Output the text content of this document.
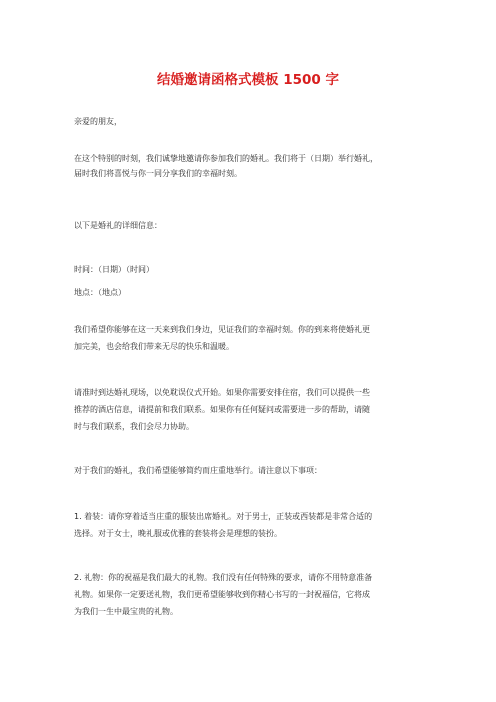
结婚邀请函格式模板 1500 字

亲爱的朋友，

在这个特别的时刻，我们诚挚地邀请你参加我们的婚礼。我们将于（日期）举行婚礼，

届时我们将喜悦与你一同分享我们的幸福时刻。

以下是婚礼的详细信息：

时间：（日期）（时间）

地点：（地点）

我们希望你能够在这一天来到我们身边，见证我们的幸福时刻。你的到来将使婚礼更

加完美，也会给我们带来无尽的快乐和温暖。

请准时到达婚礼现场，以免耽误仪式开始。如果你需要安排住宿，我们可以提供一些

推荐的酒店信息，请提前和我们联系。如果你有任何疑问或需要进一步的帮助，请随

时与我们联系，我们会尽力协助。

对于我们的婚礼，我们希望能够简约而庄重地举行。请注意以下事项：

1. 着装：请你穿着适当庄重的服装出席婚礼。对于男士，正装或西装都是非常合适的

选择。对于女士，晚礼服或优雅的套装将会是理想的装扮。

2. 礼物：你的祝福是我们最大的礼物。我们没有任何特殊的要求，请你不用特意准备

礼物。如果你一定要送礼物，我们更希望能够收到你精心书写的一封祝福信，它将成

为我们一生中最宝贵的礼物。
